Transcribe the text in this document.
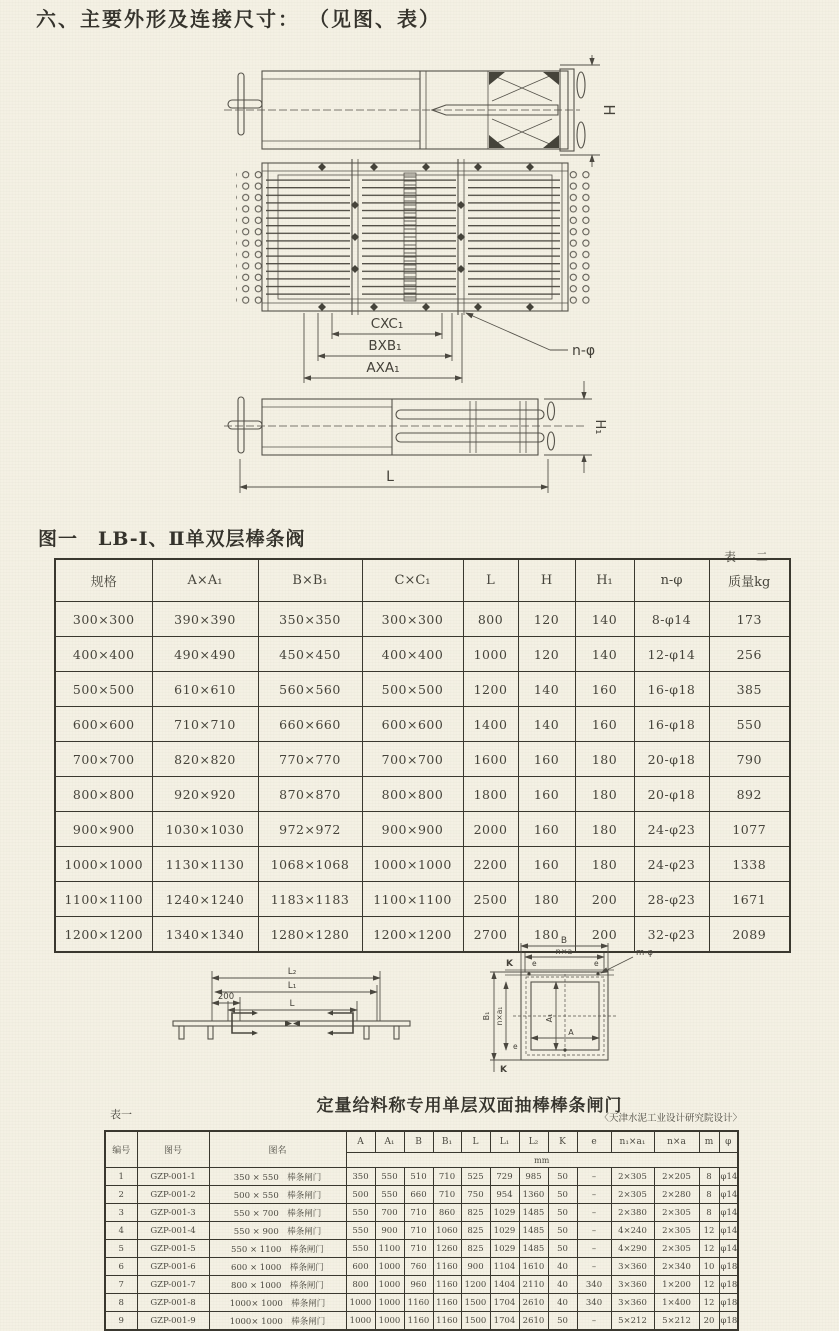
六、主要外形及连接尺寸： （见图、表）
H
CXC₁
BXB₁
AXA₁
n-φ
H₁
L
图一　LB-Ⅰ、Ⅱ单双层棒条阀
表 二
规格	A×A₁	B×B₁	C×C₁	L	H	H₁	n-φ	质量kg
300×300	390×390	350×350	300×300	800	120	140	8-φ14	173
400×400	490×490	450×450	400×400	1000	120	140	12-φ14	256
500×500	610×610	560×560	500×500	1200	140	160	16-φ18	385
600×600	710×710	660×660	600×600	1400	140	160	16-φ18	550
700×700	820×820	770×770	700×700	1600	160	180	20-φ18	790
800×800	920×920	870×870	800×800	1800	160	180	20-φ18	892
900×900	1030×1030	972×972	900×900	2000	160	180	24-φ23	1077
1000×1000	1130×1130	1068×1068	1000×1000	2200	160	180	24-φ23	1338
1100×1100	1240×1240	1183×1183	1100×1100	2500	180	200	28-φ23	1671
1200×1200	1340×1340	1280×1280	1200×1200	2700	180	200	32-φ23	2089
L₂
L₁
200
L
B
n×a	m-φ
K	e	e
B₁ n×a₁	A₁
A
e
K
定量给料称专用单层双面抽棒棒条闸门
表一	〈天津水泥工业设计研究院设计〉
编号	图号	图名	A	A₁	B	B₁	L	L₁	L₂	K	e	n₁×a₁	n×a	m	φ
			mm												
1	GZP-001-1	350 × 550　棒条闸门	350	550	510	710	525	729	985	50	–	2×305	2×205	8	φ14
2	GZP-001-2	500 × 550　棒条闸门	500	550	660	710	750	954	1360	50	–	2×305	2×280	8	φ14
3	GZP-001-3	550 × 700　棒条闸门	550	700	710	860	825	1029	1485	50	–	2×380	2×305	8	φ14
4	GZP-001-4	550 × 900　棒条闸门	550	900	710	1060	825	1029	1485	50	–	4×240	2×305	12	φ14
5	GZP-001-5	550 × 1100　棒条闸门	550	1100	710	1260	825	1029	1485	50	–	4×290	2×305	12	φ14
6	GZP-001-6	600 × 1000　棒条闸门	600	1000	760	1160	900	1104	1610	40	–	3×360	2×340	10	φ18
7	GZP-001-7	800 × 1000　棒条闸门	800	1000	960	1160	1200	1404	2110	40	340	3×360	1×200	12	φ18
8	GZP-001-8	1000× 1000　棒条闸门	1000	1000	1160	1160	1500	1704	2610	40	340	3×360	1×400	12	φ18
9	GZP-001-9	1000× 1000　棒条闸门	1000	1000	1160	1160	1500	1704	2610	50	–	5×212	5×212	20	φ18
